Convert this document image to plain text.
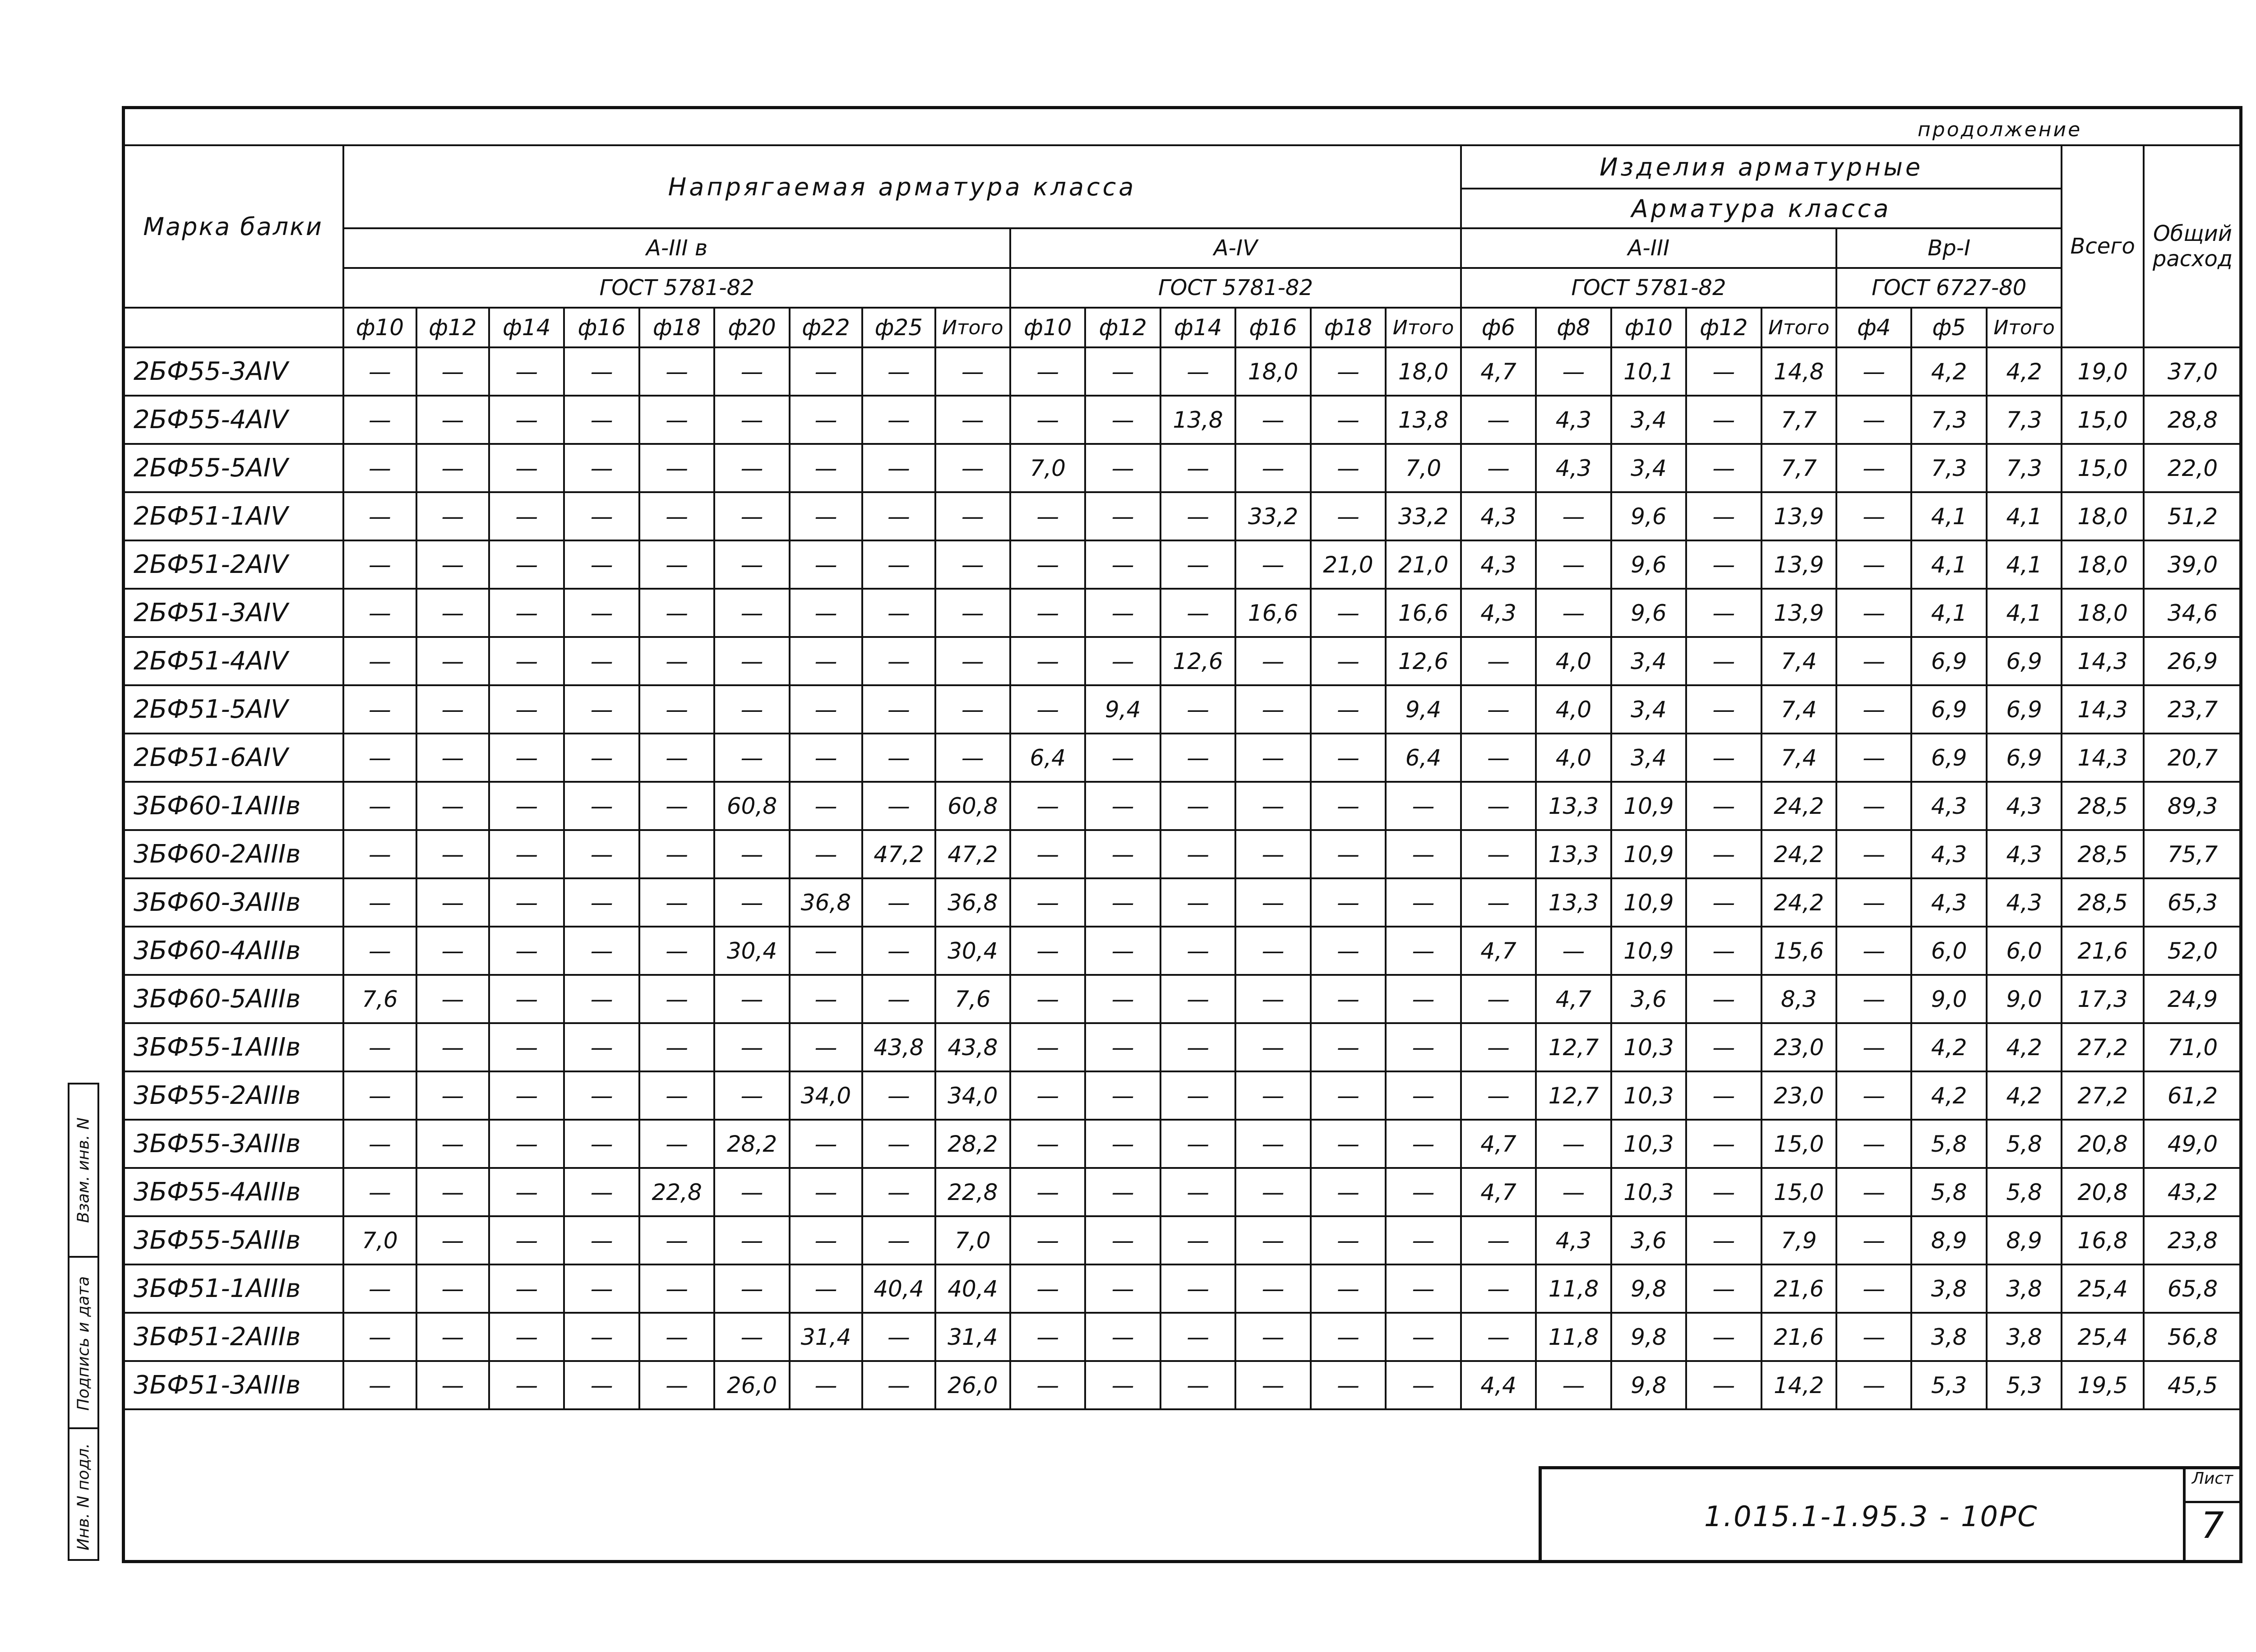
продолжение
Марка балки	Напрягаемая арматура класса															Изделия арматурные								Всего	Общий расход
																Арматура класса									
	А-III в									А-IV						А-III					Вр-I				
	ГОСТ 5781-82									ГОСТ 5781-82						ГОСТ 5781-82					ГОСТ 6727-80				
	ф10	ф12	ф14	ф16	ф18	ф20	ф22	ф25	Итого	ф10	ф12	ф14	ф16	ф18	Итого	ф6	ф8	ф10	ф12	Итого	ф4	ф5	Итого		
2БФ55-3АIV	—	—	—	—	—	—	—	—	—	—	—	—	18,0	—	18,0	4,7	—	10,1	—	14,8	—	4,2	4,2	19,0	37,0
2БФ55-4АIV	—	—	—	—	—	—	—	—	—	—	—	13,8	—	—	13,8	—	4,3	3,4	—	7,7	—	7,3	7,3	15,0	28,8
2БФ55-5АIV	—	—	—	—	—	—	—	—	—	7,0	—	—	—	—	7,0	—	4,3	3,4	—	7,7	—	7,3	7,3	15,0	22,0
2БФ51-1АIV	—	—	—	—	—	—	—	—	—	—	—	—	33,2	—	33,2	4,3	—	9,6	—	13,9	—	4,1	4,1	18,0	51,2
2БФ51-2АIV	—	—	—	—	—	—	—	—	—	—	—	—	—	21,0	21,0	4,3	—	9,6	—	13,9	—	4,1	4,1	18,0	39,0
2БФ51-3АIV	—	—	—	—	—	—	—	—	—	—	—	—	16,6	—	16,6	4,3	—	9,6	—	13,9	—	4,1	4,1	18,0	34,6
2БФ51-4АIV	—	—	—	—	—	—	—	—	—	—	—	12,6	—	—	12,6	—	4,0	3,4	—	7,4	—	6,9	6,9	14,3	26,9
2БФ51-5АIV	—	—	—	—	—	—	—	—	—	—	9,4	—	—	—	9,4	—	4,0	3,4	—	7,4	—	6,9	6,9	14,3	23,7
2БФ51-6АIV	—	—	—	—	—	—	—	—	—	6,4	—	—	—	—	6,4	—	4,0	3,4	—	7,4	—	6,9	6,9	14,3	20,7
3БФ60-1АIIIв	—	—	—	—	—	60,8	—	—	60,8	—	—	—	—	—	—	—	13,3	10,9	—	24,2	—	4,3	4,3	28,5	89,3
3БФ60-2АIIIв	—	—	—	—	—	—	—	47,2	47,2	—	—	—	—	—	—	—	13,3	10,9	—	24,2	—	4,3	4,3	28,5	75,7
3БФ60-3АIIIв	—	—	—	—	—	—	36,8	—	36,8	—	—	—	—	—	—	—	13,3	10,9	—	24,2	—	4,3	4,3	28,5	65,3
3БФ60-4АIIIв	—	—	—	—	—	30,4	—	—	30,4	—	—	—	—	—	—	4,7	—	10,9	—	15,6	—	6,0	6,0	21,6	52,0
3БФ60-5АIIIв	7,6	—	—	—	—	—	—	—	7,6	—	—	—	—	—	—	—	4,7	3,6	—	8,3	—	9,0	9,0	17,3	24,9
3БФ55-1АIIIв	—	—	—	—	—	—	—	43,8	43,8	—	—	—	—	—	—	—	12,7	10,3	—	23,0	—	4,2	4,2	27,2	71,0
3БФ55-2АIIIв	—	—	—	—	—	—	34,0	—	34,0	—	—	—	—	—	—	—	12,7	10,3	—	23,0	—	4,2	4,2	27,2	61,2
3БФ55-3АIIIв	—	—	—	—	—	28,2	—	—	28,2	—	—	—	—	—	—	4,7	—	10,3	—	15,0	—	5,8	5,8	20,8	49,0
3БФ55-4АIIIв	—	—	—	—	22,8	—	—	—	22,8	—	—	—	—	—	—	4,7	—	10,3	—	15,0	—	5,8	5,8	20,8	43,2
3БФ55-5АIIIв	7,0	—	—	—	—	—	—	—	7,0	—	—	—	—	—	—	—	4,3	3,6	—	7,9	—	8,9	8,9	16,8	23,8
3БФ51-1АIIIв	—	—	—	—	—	—	—	40,4	40,4	—	—	—	—	—	—	—	11,8	9,8	—	21,6	—	3,8	3,8	25,4	65,8
3БФ51-2АIIIв	—	—	—	—	—	—	31,4	—	31,4	—	—	—	—	—	—	—	11,8	9,8	—	21,6	—	3,8	3,8	25,4	56,8
3БФ51-3АIIIв	—	—	—	—	—	26,0	—	—	26,0	—	—	—	—	—	—	4,4	—	9,8	—	14,2	—	5,3	5,3	19,5	45,5
Взам. инв. N
Подпись и дата
Инв. N подл.	1.015.1-1.95.3 - 10РС
Лист
7
